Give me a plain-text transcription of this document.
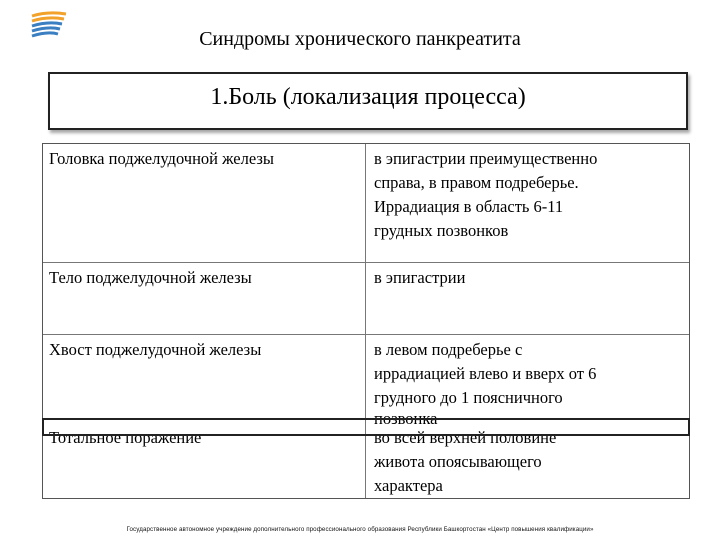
Синдромы хронического панкреатита
1.Боль (локализация процесса)
Головка поджелудочной железы	в эпигастрии преимущественно
справа, в правом подреберье.
Иррадиация в область 6-11
грудных позвонков
Тело поджелудочной железы	в эпигастрии
Хвост поджелудочной железы	в левом подреберье с
иррадиацией влево и вверх от 6
грудного до 1 поясничного
позвонка
Тотальное поражение	во всей верхней половине
живота опоясывающего
характера
Государственное автономное учреждение дополнительного профессионального образования Республики Башкортостан «Центр повышения квалификации»
